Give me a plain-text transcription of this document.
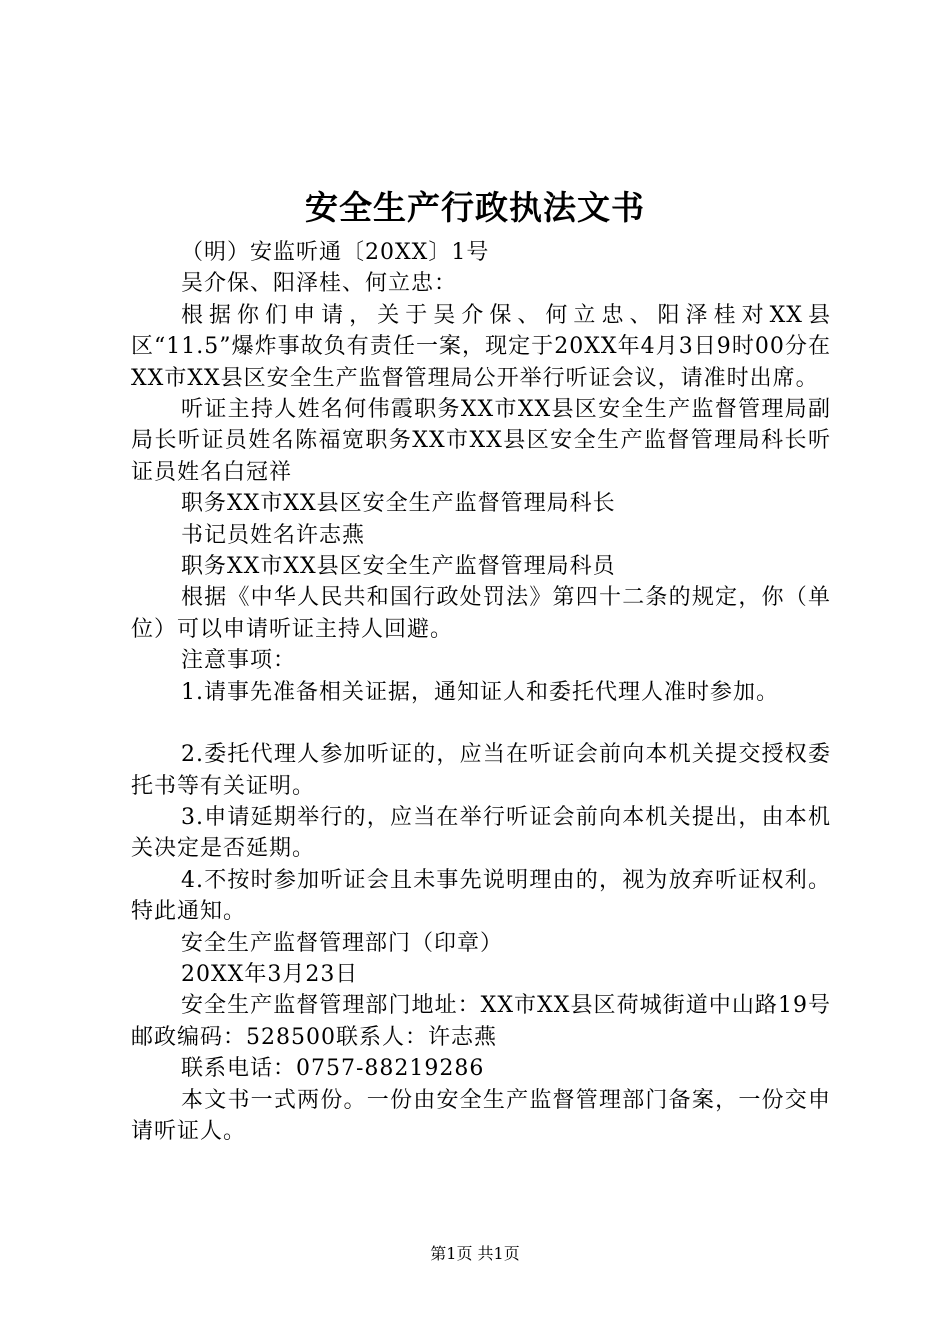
安全生产行政执法文书

（明）安监听通〔20XX〕1号

吴介保、阳泽桂、何立忠：

根据你们申请，关于吴介保、何立忠、阳泽桂对XX县区“11.5”爆炸事故负有责任一案，现定于20XX年4月3日9时00分在XX市XX县区安全生产监督管理局公开举行听证会议，请准时出席。

听证主持人姓名何伟霞职务XX市XX县区安全生产监督管理局副局长听证员姓名陈福宽职务XX市XX县区安全生产监督管理局科长听证员姓名白冠祥

职务XX市XX县区安全生产监督管理局科长

书记员姓名许志燕

职务XX市XX县区安全生产监督管理局科员

根据《中华人民共和国行政处罚法》第四十二条的规定，你（单位）可以申请听证主持人回避。

注意事项：

1.请事先准备相关证据，通知证人和委托代理人准时参加。

2.委托代理人参加听证的，应当在听证会前向本机关提交授权委托书等有关证明。

3.申请延期举行的，应当在举行听证会前向本机关提出，由本机关决定是否延期。

4.不按时参加听证会且未事先说明理由的，视为放弃听证权利。特此通知。

安全生产监督管理部门（印章）

20XX年3月23日

安全生产监督管理部门地址：XX市XX县区荷城街道中山路19号邮政编码：528500联系人：许志燕

联系电话：0757-88219286

本文书一式两份。一份由安全生产监督管理部门备案，一份交申请听证人。

第1页 共1页
